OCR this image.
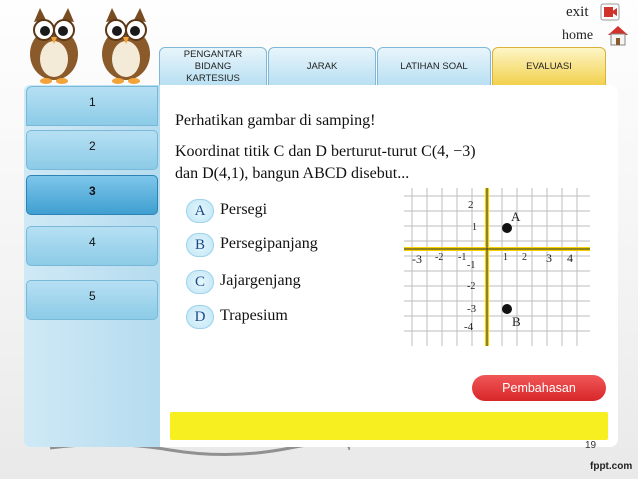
exit
home
PENGANTAR BIDANG KARTESIUS
JARAK	LATIHAN SOAL	EVALUASI
1
2
3
4
5
Perhatikan gambar di samping!
Koordinat titik C dan D berturut-turut C(4, −3)
dan D(4,1), bangun ABCD disebut...
A Persegi
B Persegipanjang
C Jajargenjang
D Trapesium
-3 -2 -1	1 2 3 4
2
1
-1
-2
-3
-4
A
B
Pembahasan
19
fppt.com
